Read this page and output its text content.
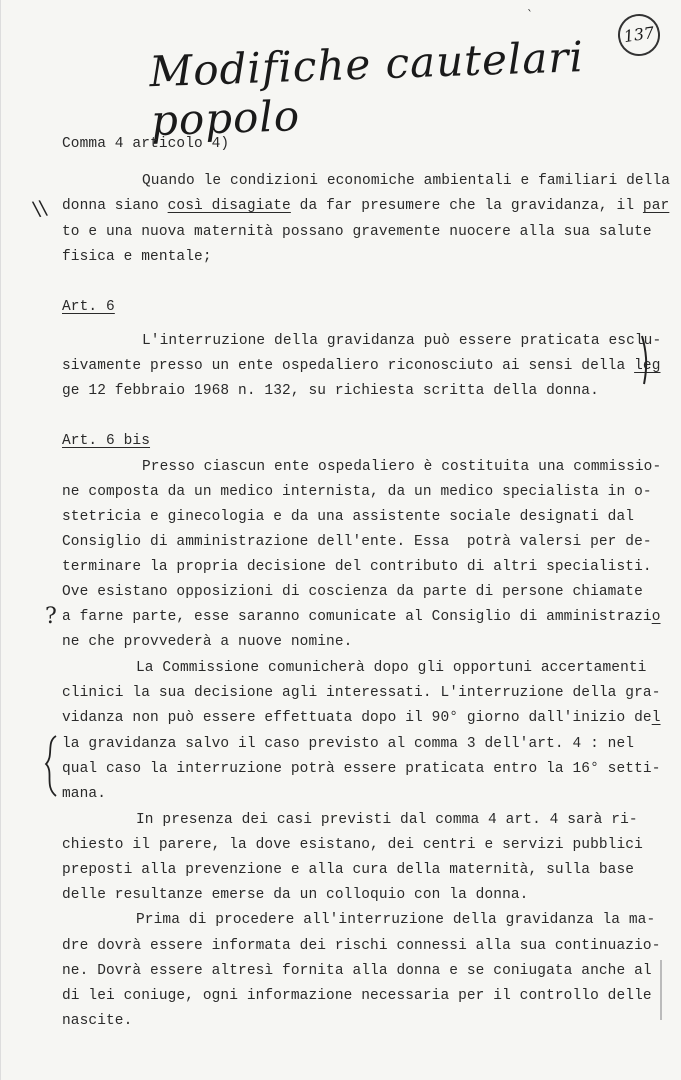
Modifiche cautelari popolo
137
Comma 4 articolo 4)
Quando le condizioni economiche ambientali e familiari della
donna siano così disagiate da far presumere che la gravidanza, il par
to e una nuova maternità possano gravemente nuocere alla sua salute
fisica e mentale;
Art. 6
L'interruzione della gravidanza può essere praticata esclu-
sivamente presso un ente ospedaliero riconosciuto ai sensi della leg
ge 12 febbraio 1968 n. 132, su richiesta scritta della donna.
Art. 6 bis
Presso ciascun ente ospedaliero è costituita una commissio-
ne composta da un medico internista, da un medico specialista in o-
stetricia e ginecologia e da una assistente sociale designati dal
Consiglio di amministrazione dell'ente. Essa  potrà valersi per de-
terminare la propria decisione del contributo di altri specialisti.
Ove esistano opposizioni di coscienza da parte di persone chiamate
a farne parte, esse saranno comunicate al Consiglio di amministrazio
ne che provvederà a nuove nomine.
La Commissione comunicherà dopo gli opportuni accertamenti
clinici la sua decisione agli interessati. L'interruzione della gra-
vidanza non può essere effettuata dopo il 90° giorno dall'inizio del
la gravidanza salvo il caso previsto al comma 3 dell'art. 4 : nel
qual caso la interruzione potrà essere praticata entro la 16° setti-
mana.
In presenza dei casi previsti dal comma 4 art. 4 sarà ri-
chiesto il parere, la dove esistano, dei centri e servizi pubblici
preposti alla prevenzione e alla cura della maternità, sulla base
delle resultanze emerse da un colloquio con la donna.
Prima di procedere all'interruzione della gravidanza la ma-
dre dovrà essere informata dei rischi connessi alla sua continuazio-
ne. Dovrà essere altresì fornita alla donna e se coniugata anche al
di lei coniuge, ogni informazione necessaria per il controllo delle
nascite.
\\
?
ˋ
